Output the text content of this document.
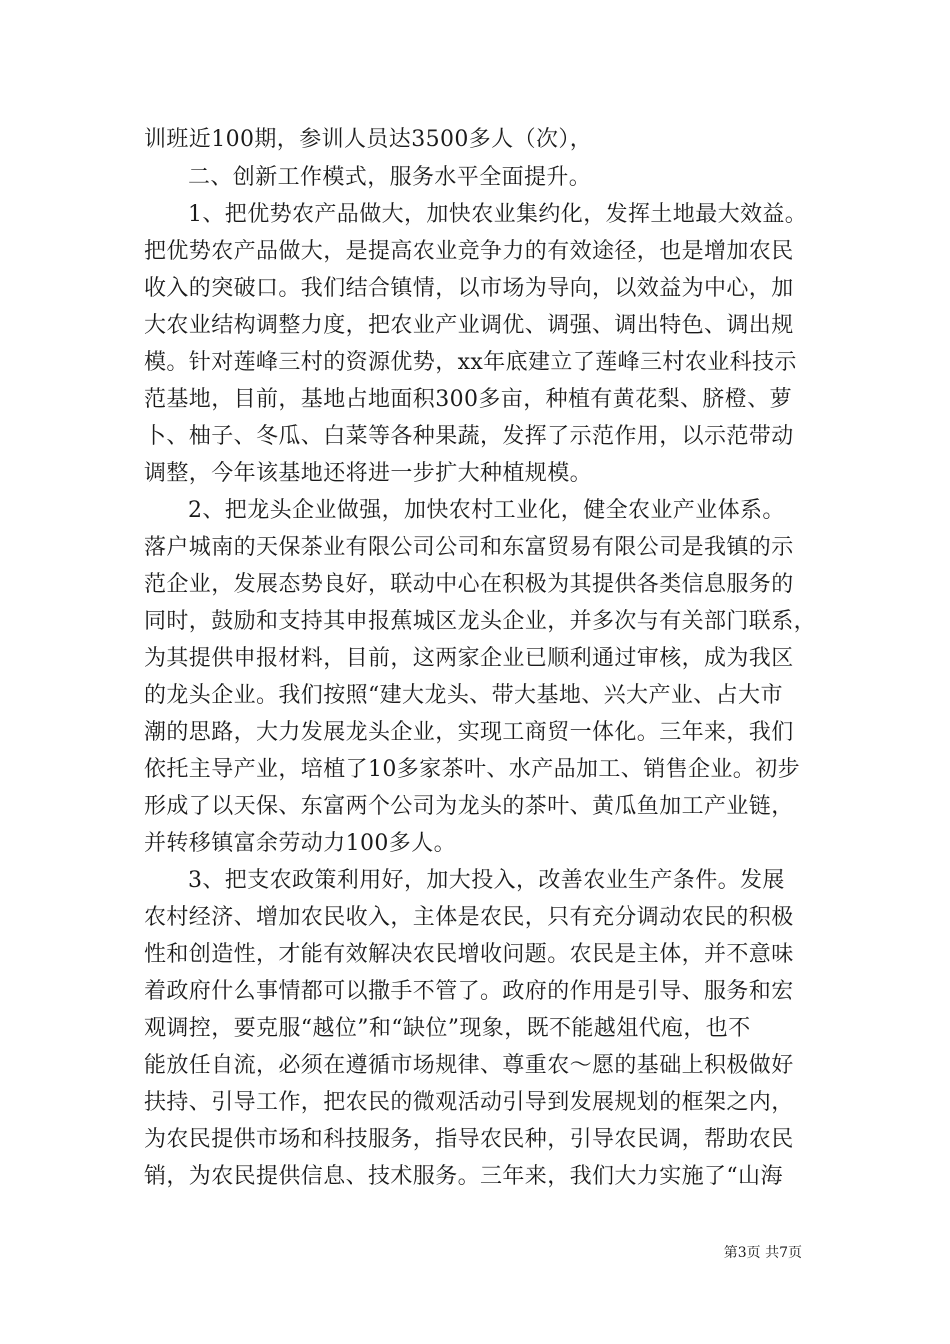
训班近100期，参训人员达3500多人（次），
二、创新工作模式，服务水平全面提升。
1、把优势农产品做大，加快农业集约化，发挥土地最大效益。
把优势农产品做大，是提高农业竞争力的有效途径，也是增加农民
收入的突破口。我们结合镇情，以市场为导向，以效益为中心，加
大农业结构调整力度，把农业产业调优、调强、调出特色、调出规
模。针对莲峰三村的资源优势，xx年底建立了莲峰三村农业科技示
范基地，目前，基地占地面积300多亩，种植有黄花梨、脐橙、萝
卜、柚子、冬瓜、白菜等各种果蔬，发挥了示范作用，以示范带动
调整，今年该基地还将进一步扩大种植规模。
2、把龙头企业做强，加快农村工业化，健全农业产业体系。
落户城南的天保茶业有限公司公司和东富贸易有限公司是我镇的示
范企业，发展态势良好，联动中心在积极为其提供各类信息服务的
同时，鼓励和支持其申报蕉城区龙头企业，并多次与有关部门联系，
为其提供申报材料，目前，这两家企业已顺利通过审核，成为我区
的龙头企业。我们按照“建大龙头、带大基地、兴大产业、占大市
潮的思路，大力发展龙头企业，实现工商贸一体化。三年来，我们
依托主导产业，培植了10多家茶叶、水产品加工、销售企业。初步
形成了以天保、东富两个公司为龙头的茶叶、黄瓜鱼加工产业链，
并转移镇富余劳动力100多人。
3、把支农政策利用好，加大投入，改善农业生产条件。发展
农村经济、增加农民收入，主体是农民，只有充分调动农民的积极
性和创造性，才能有效解决农民增收问题。农民是主体，并不意味
着政府什么事情都可以撒手不管了。政府的作用是引导、服务和宏
观调控，要克服“越位”和“缺位”现象，既不能越俎代庖，也不
能放任自流，必须在遵循市场规律、尊重农～愿的基础上积极做好
扶持、引导工作，把农民的微观活动引导到发展规划的框架之内，
为农民提供市场和科技服务，指导农民种，引导农民调，帮助农民
销，为农民提供信息、技术服务。三年来，我们大力实施了“山海
第3页 共7页
